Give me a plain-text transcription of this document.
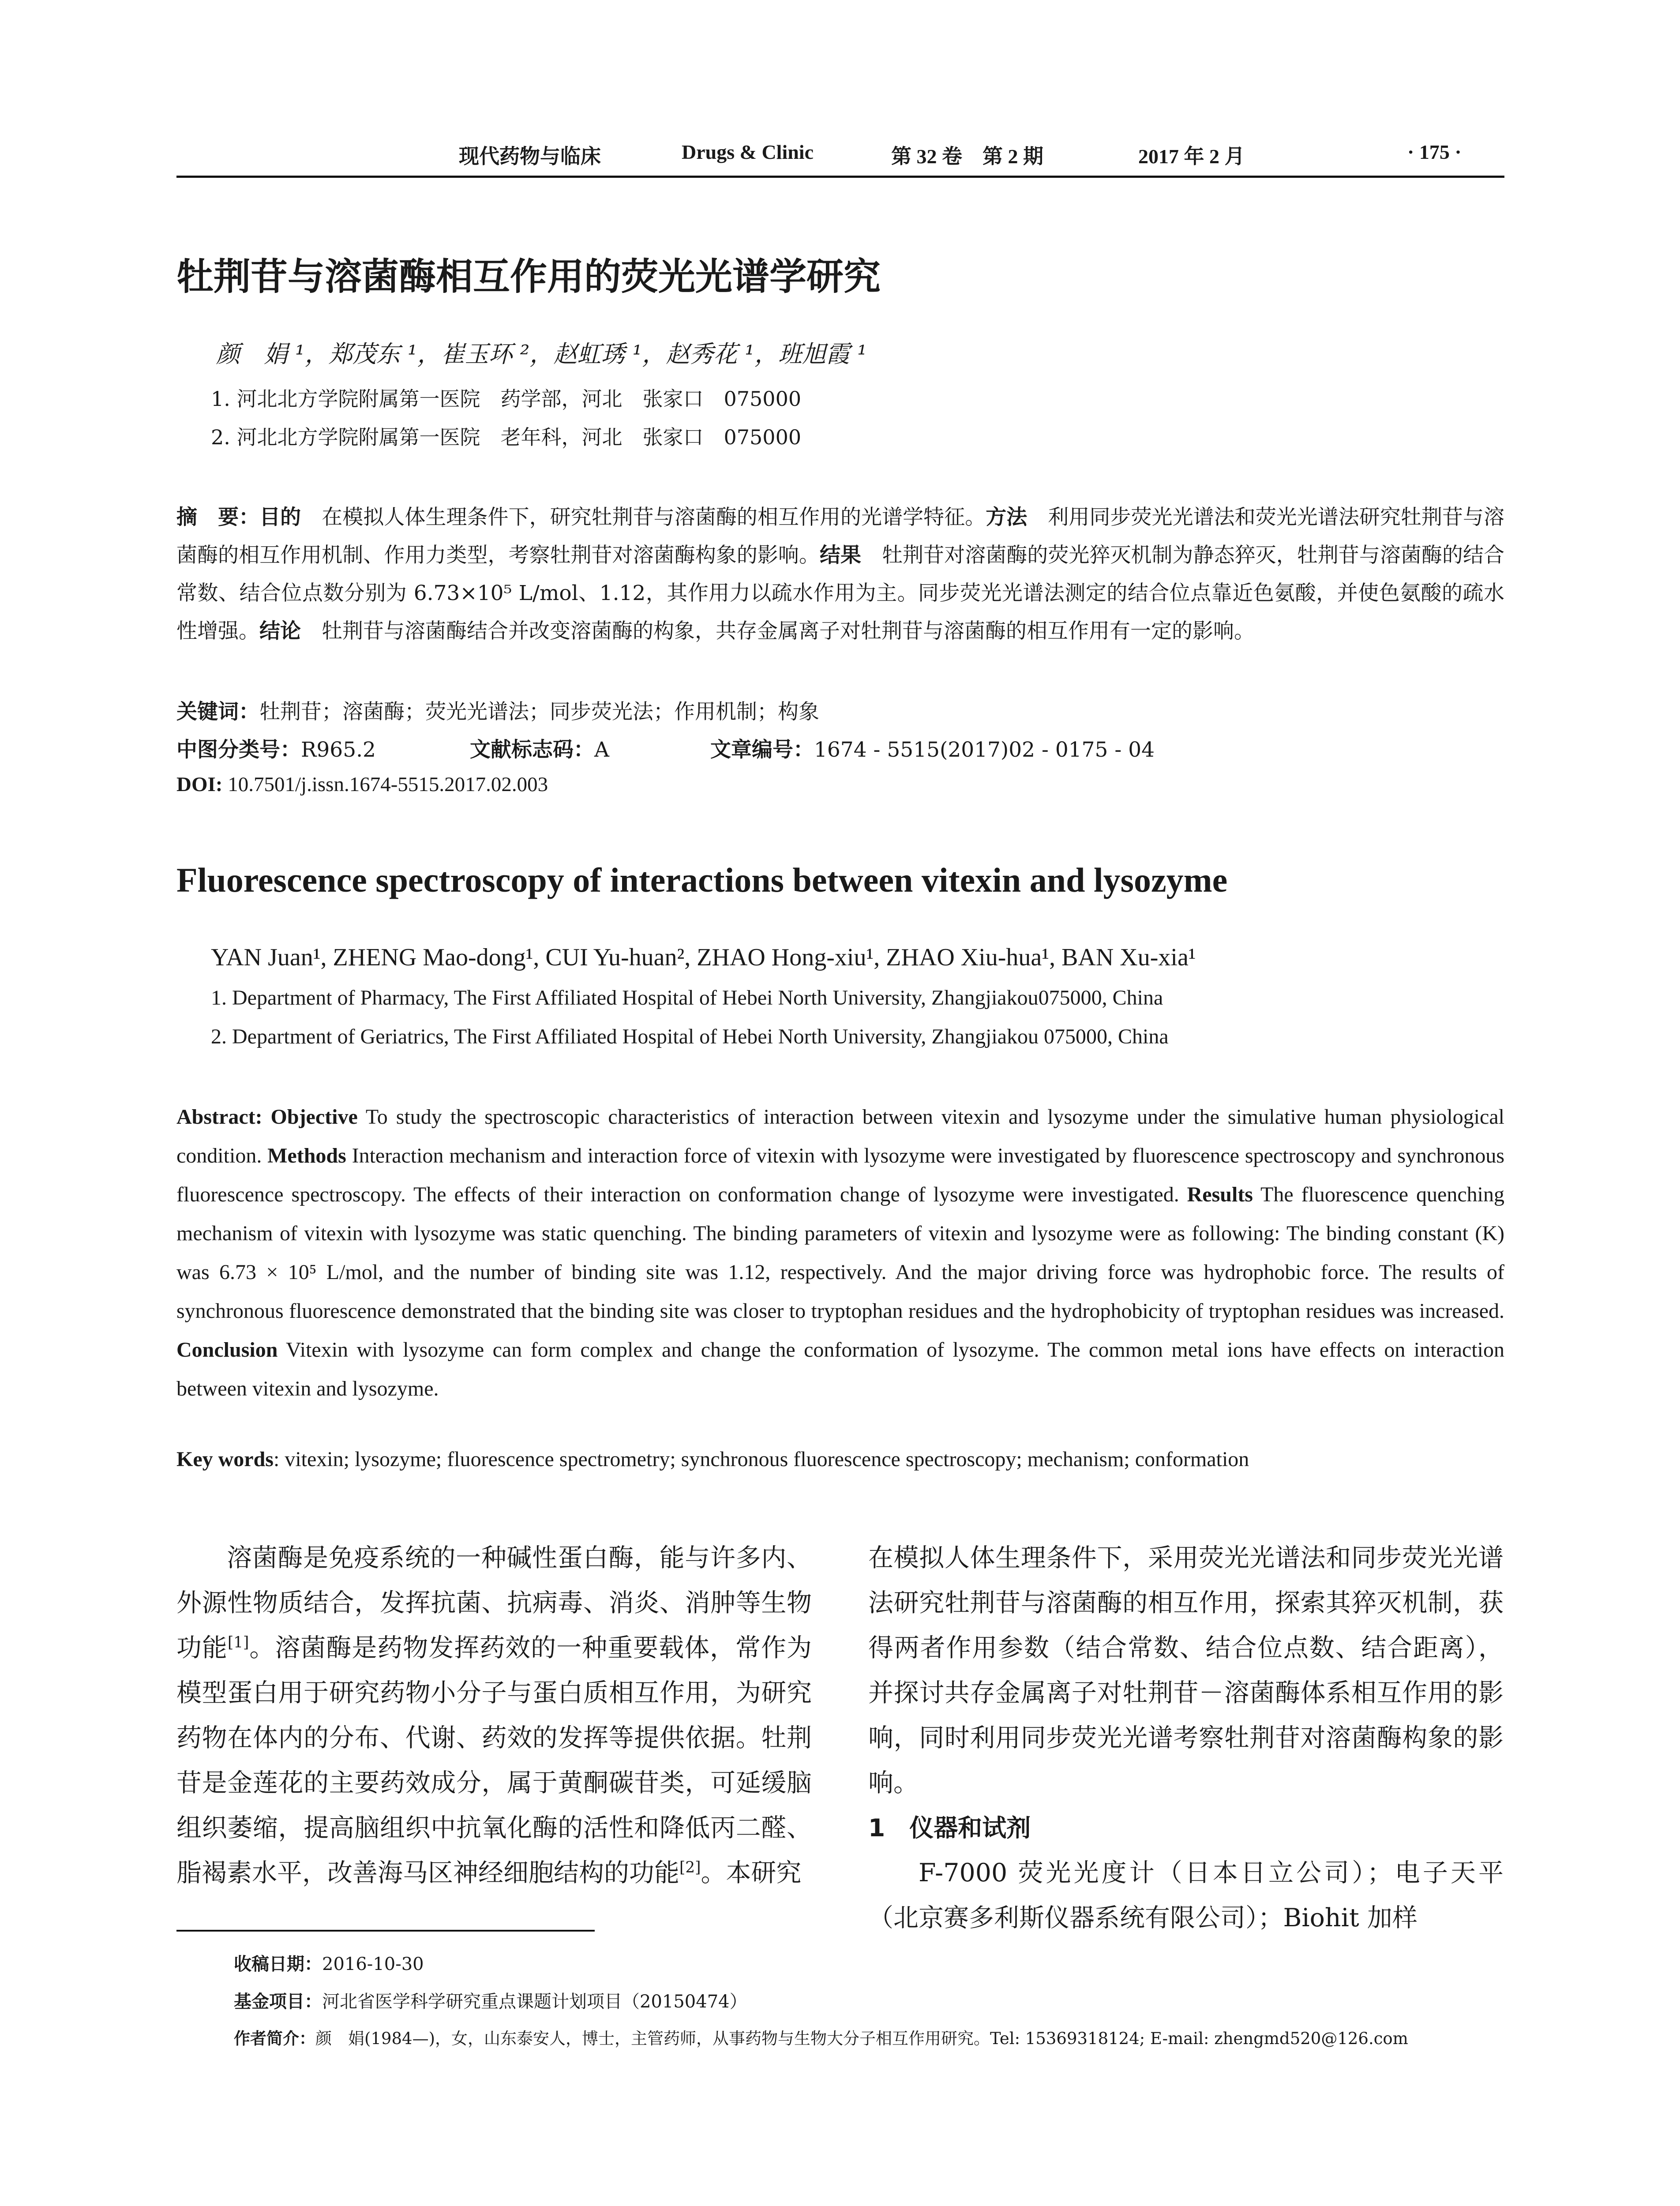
现代药物与临床	Drugs & Clinic	第 32 卷　第 2 期	2017 年 2 月	· 175 ·
牡荆苷与溶菌酶相互作用的荧光光谱学研究
颜　娟 ¹，郑茂东 ¹，崔玉环 ²，赵虹琇 ¹，赵秀花 ¹，班旭霞 ¹
1. 河北北方学院附属第一医院　药学部，河北　张家口　075000
2. 河北北方学院附属第一医院　老年科，河北　张家口　075000
摘　要：目的　在模拟人体生理条件下，研究牡荆苷与溶菌酶的相互作用的光谱学特征。方法　利用同步荧光光谱法和荧光光谱法研究牡荆苷与溶菌酶的相互作用机制、作用力类型，考察牡荆苷对溶菌酶构象的影响。结果　牡荆苷对溶菌酶的荧光猝灭机制为静态猝灭，牡荆苷与溶菌酶的结合常数、结合位点数分别为 6.73×10⁵ L/mol、1.12，其作用力以疏水作用为主。同步荧光光谱法测定的结合位点靠近色氨酸，并使色氨酸的疏水性增强。结论　牡荆苷与溶菌酶结合并改变溶菌酶的构象，共存金属离子对牡荆苷与溶菌酶的相互作用有一定的影响。
关键词：牡荆苷；溶菌酶；荧光光谱法；同步荧光法；作用机制；构象
中图分类号：R965.2	文献标志码：A	文章编号：1674 - 5515(2017)02 - 0175 - 04
DOI: 10.7501/j.issn.1674-5515.2017.02.003
Fluorescence spectroscopy of interactions between vitexin and lysozyme
YAN Juan¹, ZHENG Mao-dong¹, CUI Yu-huan², ZHAO Hong-xiu¹, ZHAO Xiu-hua¹, BAN Xu-xia¹
1. Department of Pharmacy, The First Affiliated Hospital of Hebei North University, Zhangjiakou075000, China
2. Department of Geriatrics, The First Affiliated Hospital of Hebei North University, Zhangjiakou 075000, China
Abstract: Objective To study the spectroscopic characteristics of interaction between vitexin and lysozyme under the simulative human physiological condition. Methods Interaction mechanism and interaction force of vitexin with lysozyme were investigated by fluorescence spectroscopy and synchronous fluorescence spectroscopy. The effects of their interaction on conformation change of lysozyme were investigated. Results The fluorescence quenching mechanism of vitexin with lysozyme was static quenching. The binding parameters of vitexin and lysozyme were as following: The binding constant (K) was 6.73 × 10⁵ L/mol, and the number of binding site was 1.12, respectively. And the major driving force was hydrophobic force. The results of synchronous fluorescence demonstrated that the binding site was closer to tryptophan residues and the hydrophobicity of tryptophan residues was increased. Conclusion Vitexin with lysozyme can form complex and change the conformation of lysozyme. The common metal ions have effects on interaction between vitexin and lysozyme.
Key words: vitexin; lysozyme; fluorescence spectrometry; synchronous fluorescence spectroscopy; mechanism; conformation
溶菌酶是免疫系统的一种碱性蛋白酶，能与许多内、外源性物质结合，发挥抗菌、抗病毒、消炎、消肿等生物功能[1]。溶菌酶是药物发挥药效的一种重要载体，常作为模型蛋白用于研究药物小分子与蛋白质相互作用，为研究药物在体内的分布、代谢、药效的发挥等提供依据。牡荆苷是金莲花的主要药效成分，属于黄酮碳苷类，可延缓脑组织萎缩，提高脑组织中抗氧化酶的活性和降低丙二醛、脂褐素水平，改善海马区神经细胞结构的功能[2]。本研究
在模拟人体生理条件下，采用荧光光谱法和同步荧光光谱法研究牡荆苷与溶菌酶的相互作用，探索其猝灭机制，获得两者作用参数（结合常数、结合位点数、结合距离），并探讨共存金属离子对牡荆苷－溶菌酶体系相互作用的影响，同时利用同步荧光光谱考察牡荆苷对溶菌酶构象的影响。
1　仪器和试剂
F-7000 荧光光度计（日本日立公司）；电子天平（北京赛多利斯仪器系统有限公司）；Biohit 加样
收稿日期：2016-10-30
基金项目：河北省医学科学研究重点课题计划项目（20150474）
作者简介：颜　娟(1984—)，女，山东泰安人，博士，主管药师，从事药物与生物大分子相互作用研究。Tel: 15369318124; E-mail: zhengmd520@126.com
